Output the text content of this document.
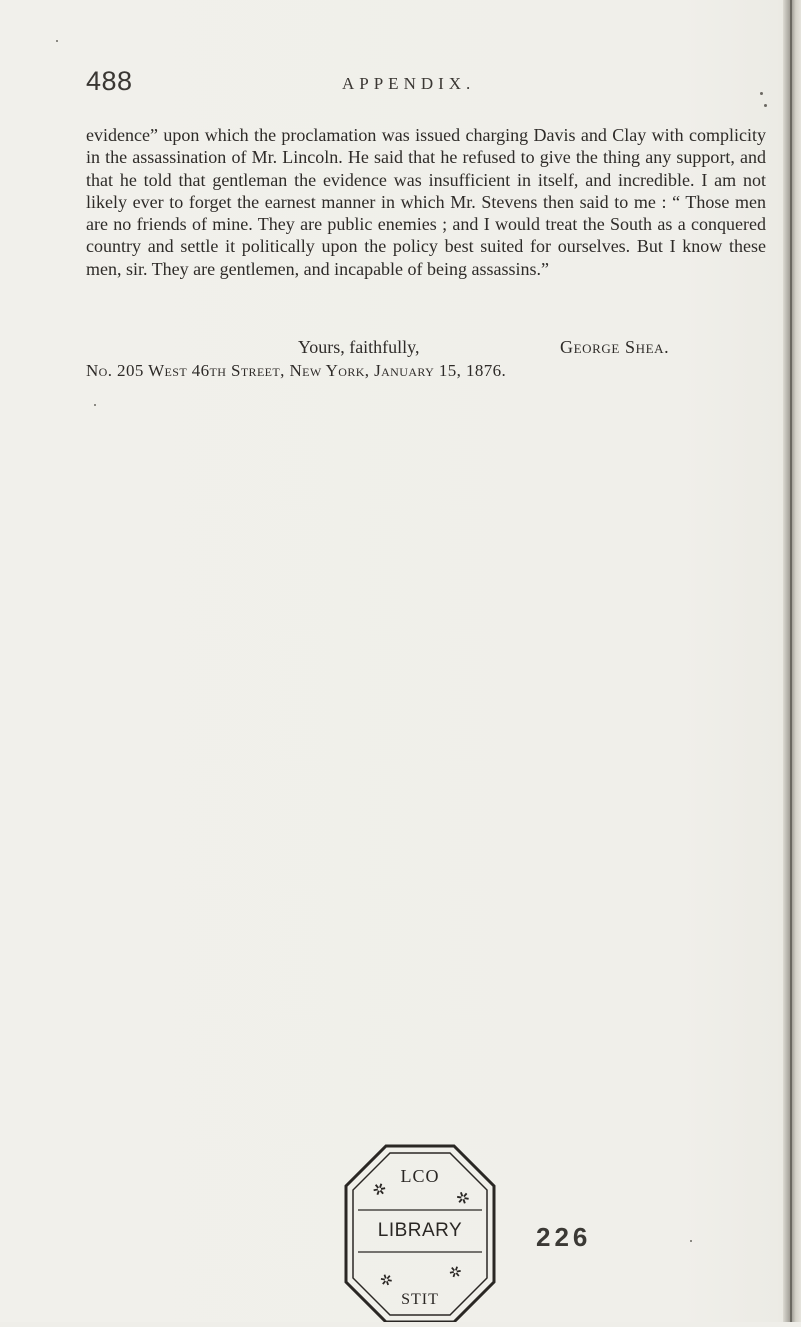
488	APPENDIX.

evidence” upon which the proclamation was issued charging Davis and Clay with complicity in the assassination of Mr. Lincoln. He said that he refused to give the thing any support, and that he told that gentleman the evidence was insufficient in itself, and incredible. I am not likely ever to forget the earnest manner in which Mr. Stevens then said to me : “ Those men are no friends of mine. They are public enemies ; and I would treat the South as a conquered country and settle it politically upon the policy best suited for ourselves. But I know these men, sir. They are gentlemen, and incapable of being assassins.”

Yours, faithfully,	George Shea.
No. 205 West 46th Street, New York, January 15, 1876.
✲	✲
✲	✲
LCO
STIT
LIBRARY	226
